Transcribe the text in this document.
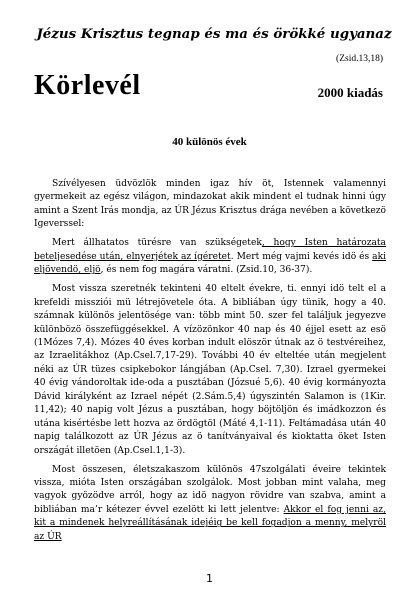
Jézus Krisztus tegnap és ma és örökké ugyanaz
(Zsid.13,18)
Körlevél	2000 kiadás
40 különös évek

Szívélyesen üdvözlök minden igaz hív öt, Istennek valamennyi gyermekeit az egész világon, mindazokat akik mindent el tudnak hinni úgy amint a Szent Irás mondja, az ÚR Jézus Krisztus drága nevében a következö Igeverssel:

Mert állhatatos türésre van szükségetek, hogy Isten határozata beteljesedése után, elnyerjétek az ígéretet. Mert még vajmi kevés idö és aki eljövendö, eljö, és nem fog magára váratni. (Zsid.10, 36-37).

Most vissza szeretnék tekinteni 40 eltelt évekre, ti. ennyi idö telt el a krefeldi missziói mü létrejövetele óta. A bibliában úgy tünik, hogy a 40. számnak különös jelentösége van: több mint 50. szer fel találjuk jegyezve különbözö összefüggésekkel. A vízözönkor 40 nap és 40 éjjel esett az esö (1Mózes 7,4). Mózes 40 éves korban indult elöször útnak az ö testvéreihez, az Izraelitákhoz (Ap.Csel.7,17-29). További 40 év elteltée után megjelent néki az ÚR tüzes csipkebokor lángjában (Ap.Csel. 7,30). Izrael gyermekei 40 évig vándoroltak ide-oda a pusztában (Józsué 5,6). 40 évig kormányozta Dávid királyként az Izrael népét (2.Sám.5,4) úgyszintén Salamon is (1Kir. 11,42); 40 napig volt Jézus a pusztában, hogy böjtöljön és imádkozzon és utána kisértésbe lett hozva az ördögtöl (Máté 4,1-11). Feltámadása után 40 napig találkozott az ÚR Jézus az ö tanítványaival és kioktatta öket Isten országát illetöen (Ap.Csel.1,1-3).

Most összesen, életszakaszom különös 47szolgálati éveire tekintek vissza, mióta Isten országában szolgálok. Most jobban mint valaha, meg vagyok gyözödve arról, hogy az idö nagyon rövidre van szabva, amint a bibliában ma’r kétezer évvel ezelött ki lett jelentve: Akkor el fog jenni az, kit a mindenek helyreállításának idejéig be kell fogadjon a menny, melyröl az ÚR

1
